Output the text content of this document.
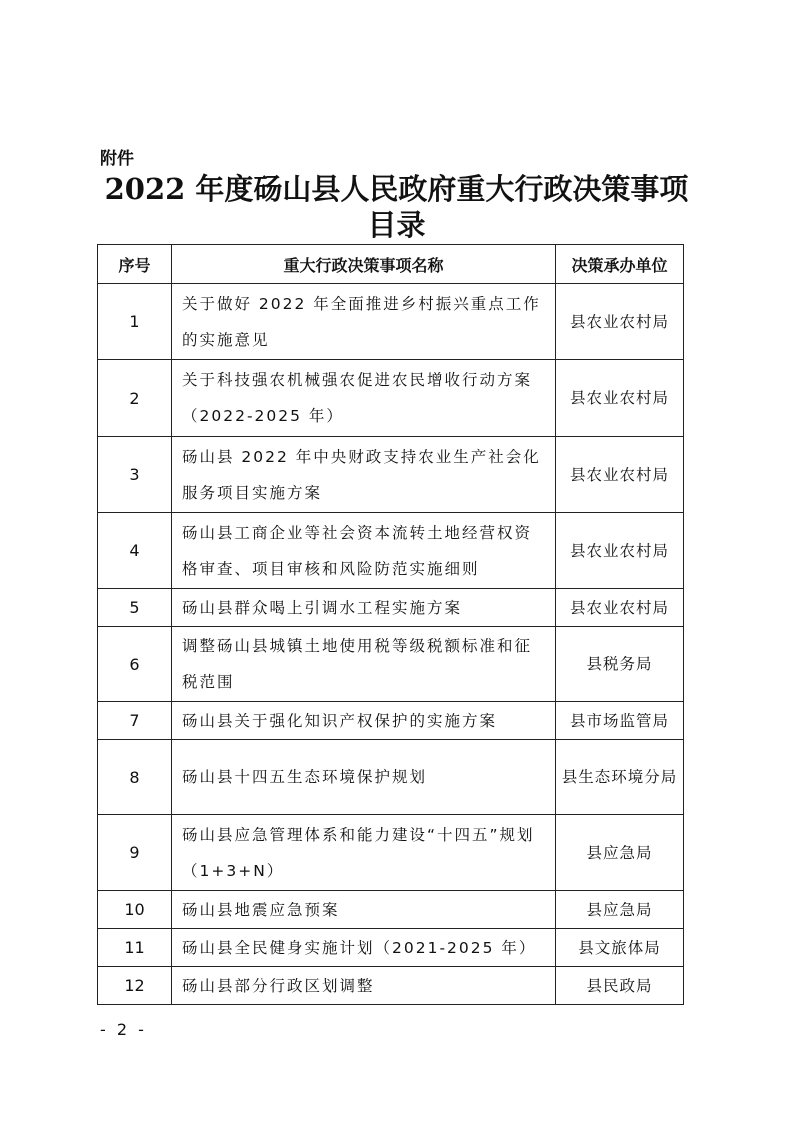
附件
2022 年度砀山县人民政府重大行政决策事项
目录
序号	重大行政决策事项名称	决策承办单位
1	关于做好 2022 年全面推进乡村振兴重点工作的实施意见	县农业农村局
2	关于科技强农机械强农促进农民增收行动方案（2022-2025 年）	县农业农村局
3	砀山县 2022 年中央财政支持农业生产社会化服务项目实施方案	县农业农村局
4	砀山县工商企业等社会资本流转土地经营权资格审查、项目审核和风险防范实施细则	县农业农村局
5	砀山县群众喝上引调水工程实施方案	县农业农村局
6	调整砀山县城镇土地使用税等级税额标准和征税范围	县税务局
7	砀山县关于强化知识产权保护的实施方案	县市场监管局
8	砀山县十四五生态环境保护规划	县生态环境分局
9	砀山县应急管理体系和能力建设“十四五”规划（1+3+N）	县应急局
10	砀山县地震应急预案	县应急局
11	砀山县全民健身实施计划（2021-2025 年）	县文旅体局
12	砀山县部分行政区划调整	县民政局
- 2 -
